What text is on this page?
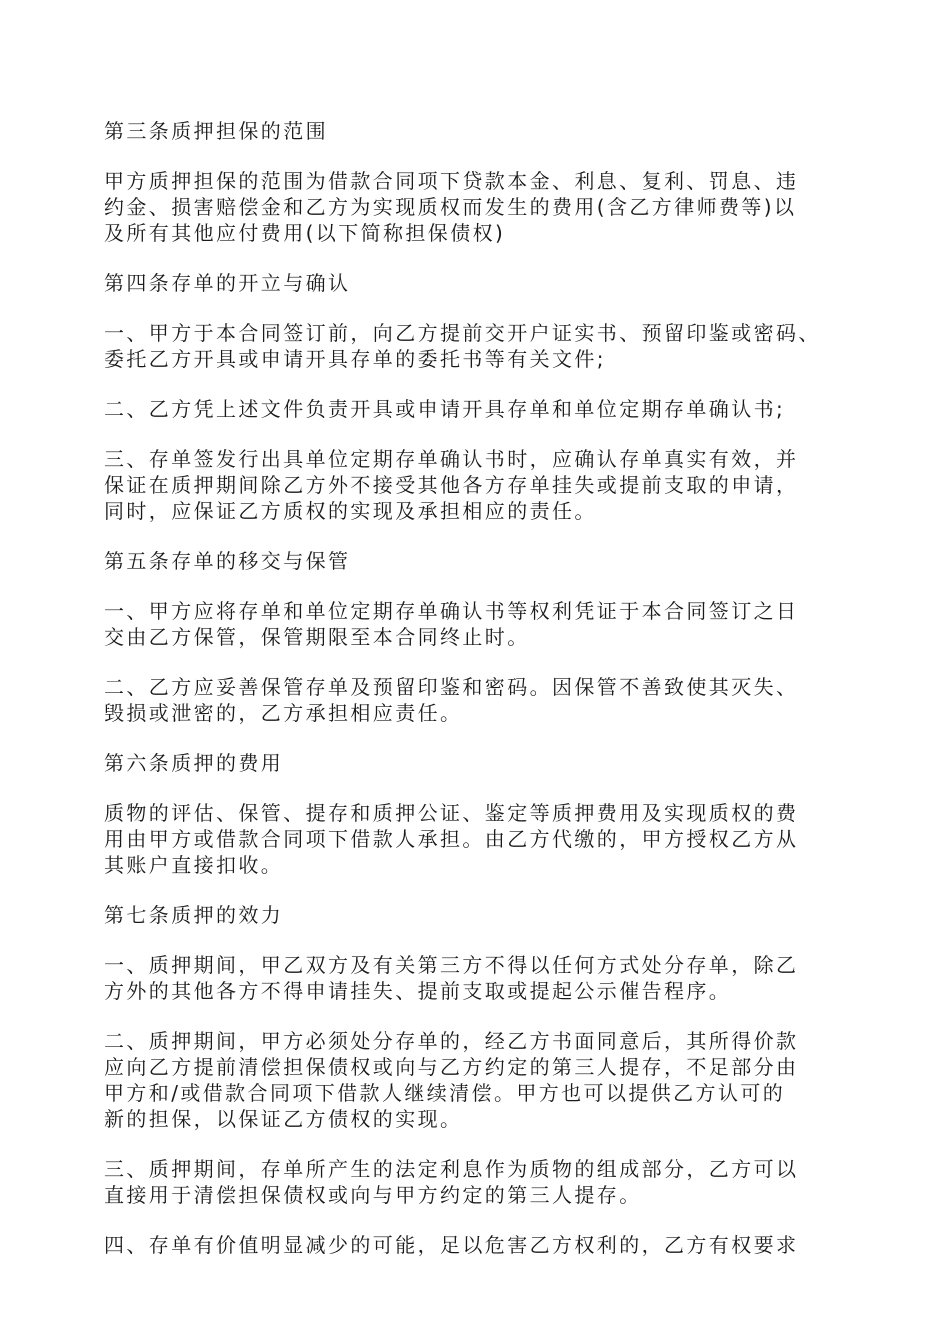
第三条质押担保的范围
甲方质押担保的范围为借款合同项下贷款本金、利息、复利、罚息、违
约金、损害赔偿金和乙方为实现质权而发生的费用(含乙方律师费等)以
及所有其他应付费用(以下简称担保债权)
第四条存单的开立与确认
一、甲方于本合同签订前，向乙方提前交开户证实书、预留印鉴或密码、
委托乙方开具或申请开具存单的委托书等有关文件;
二、乙方凭上述文件负责开具或申请开具存单和单位定期存单确认书;
三、存单签发行出具单位定期存单确认书时，应确认存单真实有效，并
保证在质押期间除乙方外不接受其他各方存单挂失或提前支取的申请，
同时，应保证乙方质权的实现及承担相应的责任。
第五条存单的移交与保管
一、甲方应将存单和单位定期存单确认书等权利凭证于本合同签订之日
交由乙方保管，保管期限至本合同终止时。
二、乙方应妥善保管存单及预留印鉴和密码。因保管不善致使其灭失、
毁损或泄密的，乙方承担相应责任。
第六条质押的费用
质物的评估、保管、提存和质押公证、鉴定等质押费用及实现质权的费
用由甲方或借款合同项下借款人承担。由乙方代缴的，甲方授权乙方从
其账户直接扣收。
第七条质押的效力
一、质押期间，甲乙双方及有关第三方不得以任何方式处分存单，除乙
方外的其他各方不得申请挂失、提前支取或提起公示催告程序。
二、质押期间，甲方必须处分存单的，经乙方书面同意后，其所得价款
应向乙方提前清偿担保债权或向与乙方约定的第三人提存，不足部分由
甲方和/或借款合同项下借款人继续清偿。甲方也可以提供乙方认可的
新的担保，以保证乙方债权的实现。
三、质押期间，存单所产生的法定利息作为质物的组成部分，乙方可以
直接用于清偿担保债权或向与甲方约定的第三人提存。
四、存单有价值明显减少的可能，足以危害乙方权利的，乙方有权要求
